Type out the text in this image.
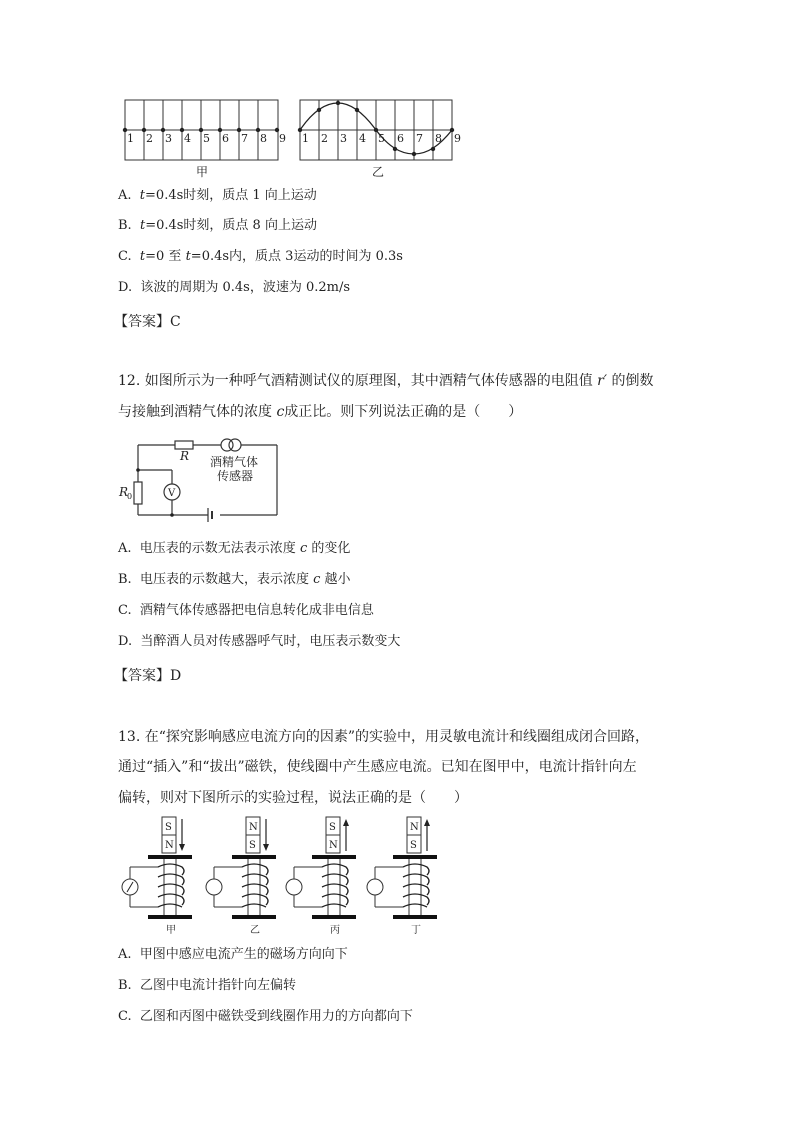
1 2 3 4 5 6 7 8 9
甲
1 2 3 4 5 6 7 8 9
乙
A. t=0.4s时刻，质点 1 向上运动
B. t=0.4s时刻，质点 8 向上运动
C. t=0 至 t=0.4s内，质点 3运动的时间为 0.3s
D. 该波的周期为 0.4s，波速为 0.2m/s
【答案】C
12. 如图所示为一种呼气酒精测试仪的原理图，其中酒精气体传感器的电阻值 r′ 的倒数
与接触到酒精气体的浓度 c成正比。则下列说法正确的是（　　）
R
R
0	V
酒精气体
传感器
A. 电压表的示数无法表示浓度 c 的变化
B. 电压表的示数越大，表示浓度 c 越小
C. 酒精气体传感器把电信息转化成非电信息
D. 当醉酒人员对传感器呼气时，电压表示数变大
【答案】D
13. 在“探究影响感应电流方向的因素”的实验中，用灵敏电流计和线圈组成闭合回路，
通过“插入”和“拔出”磁铁，使线圈中产生感应电流。已知在图甲中，电流计指针向左
偏转，则对下图所示的实验过程，说法正确的是（　　）
S
N
甲
N
S
乙
S
N
丙
N
S
丁
A. 甲图中感应电流产生的磁场方向向下
B. 乙图中电流计指针向左偏转
C. 乙图和丙图中磁铁受到线圈作用力的方向都向下
